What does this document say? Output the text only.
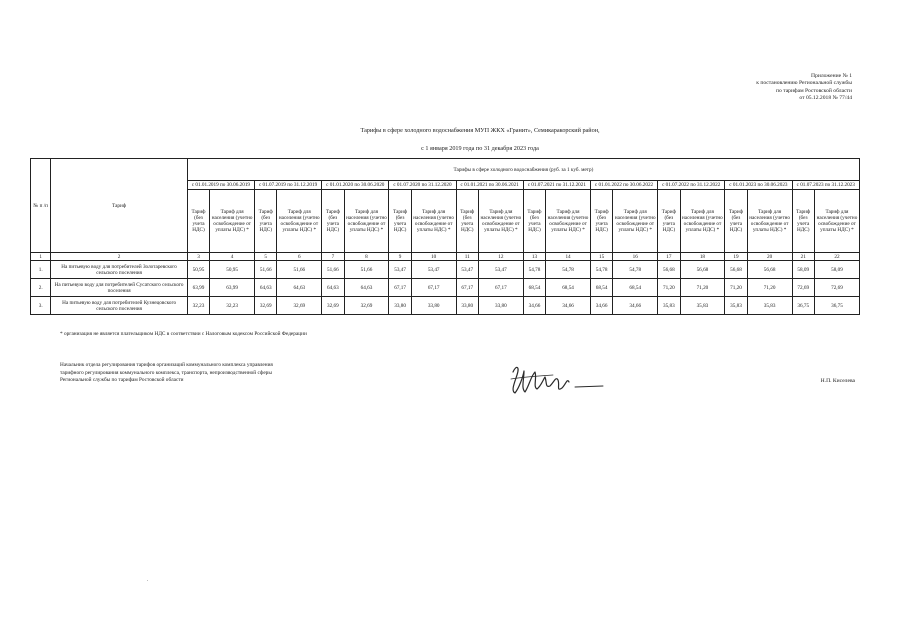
Приложение № 1
к постановлению Региональной службы
по тарифам Ростовской области
от 05.12.2018 № 77/44
Тарифы в сфере холодного водоснабжения МУП ЖКХ «Гранит», Семикаракорский район,
с 1 января 2019 года по 31 декабря 2023 года
№ п /п	Тариф	Тарифы в сфере холодного водоснабжения (руб. за 1 куб. метр)																			
		с 01.01.2019 по 30.06.2019		с 01.07.2019 по 31.12.2019		с 01.01.2020 по 30.06.2020		с 01.07.2020 по 31.12.2020		с 01.01.2021 по 30.06.2021		с 01.07.2021 по 31.12.2021		с 01.01.2022 по 30.06.2022		с 01.07.2022 по 31.12.2022		с 01.01.2023 по 30.06.2023		с 01.07.2023 по 31.12.2023	
		Тариф (без учета НДС)	Тариф для населения (учетно освобождение от уплаты НДС) *	Тариф (без учета НДС)	Тариф для населения (учетно освобождение от уплаты НДС) *	Тариф (без учета НДС)	Тариф для населения (учетно освобождение от уплаты НДС) *	Тариф (без учета НДС)	Тариф для населения (учетно освобождение от уплаты НДС) *	Тариф (без учета НДС)	Тариф для населения (учетно освобождение от уплаты НДС) *	Тариф (без учета НДС)	Тариф для населения (учетно освобождение от уплаты НДС) *	Тариф (без учета НДС)	Тариф для населения (учетно освобождение от уплаты НДС) *	Тариф (без учета НДС)	Тариф для населения (учетно освобождение от уплаты НДС) *	Тариф (без учета НДС)	Тариф для населения (учетно освобождение от уплаты НДС) *	Тариф (без учета НДС)	Тариф для населения (учетно освобождение от уплаты НДС) *
1	2	3	4	5	6	7	8	9	10	11	12	13	14	15	16	17	18	19	20	21	22
1.	На питьевую воду для потребителей Золотаревского сельского поселения	50,95	50,95	51,66	51,66	51,66	51,66	53,47	53,47	53,47	53,47	54,78	54,78	54,78	54,78	56,68	56,68	56,68	56,68	58,09	58,09
2.	На питьевую воду для потребителей Сусатского сельского поселения	63,99	63,99	64,63	64,63	64,63	64,63	67,17	67,17	67,17	67,17	68,54	68,54	68,54	68,54	71,20	71,20	71,20	71,20	72,69	72,69
3.	На питьевую воду для потребителей Кузнецовского сельского поселения	32,23	32,23	32,69	32,69	32,69	32,69	33,80	33,80	33,80	33,80	34,66	34,66	34,66	34,66	35,83	35,83	35,83	35,83	36,75	36,75
* организация не является плательщиком НДС в соответствии с Налоговым кодексом Российской Федерации
Начальник отдела регулирования тарифов организаций коммунального комплекса управления
тарифного регулирования коммунального комплекса, транспорта, непроизводственной сферы
Региональной службы по тарифам Ростовской области	Н.П. Киселева
.
